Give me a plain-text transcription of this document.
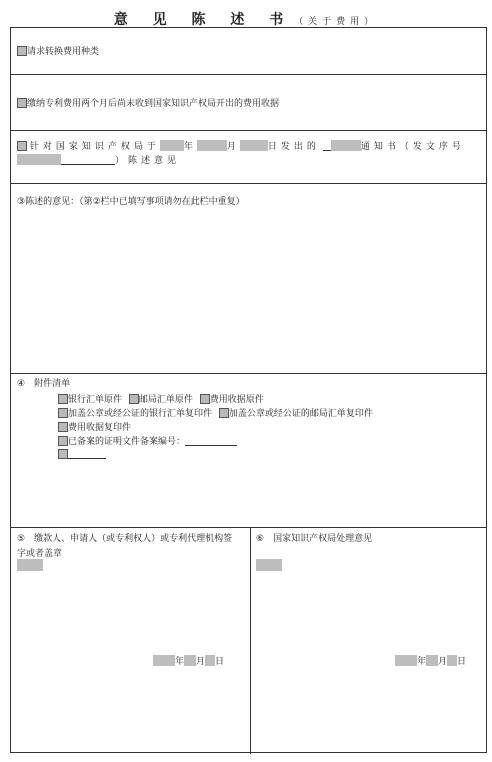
意 见 陈 述 书 （关于费用）
请求转换费用种类
缴纳专利费用两个月后尚未收到国家知识产权局开出的费用收据
针对国家知识产权局于	年	月	日发出的	通知书（发文序号
）陈述意见
③陈述的意见：（第②栏中已填写事项请勿在此栏中重复）
④　附件清单
银行汇单原件 邮局汇单原件 费用收据原件
加盖公章或经公证的银行汇单复印件 加盖公章或经公证的邮局汇单复印件
费用收据复印件
已备案的证明文件备案编号：
⑤　缴款人、申请人（或专利权人）或专利代理机构签
字或者盖章
年 月 日
⑥　国家知识产权局处理意见
年 月 日
